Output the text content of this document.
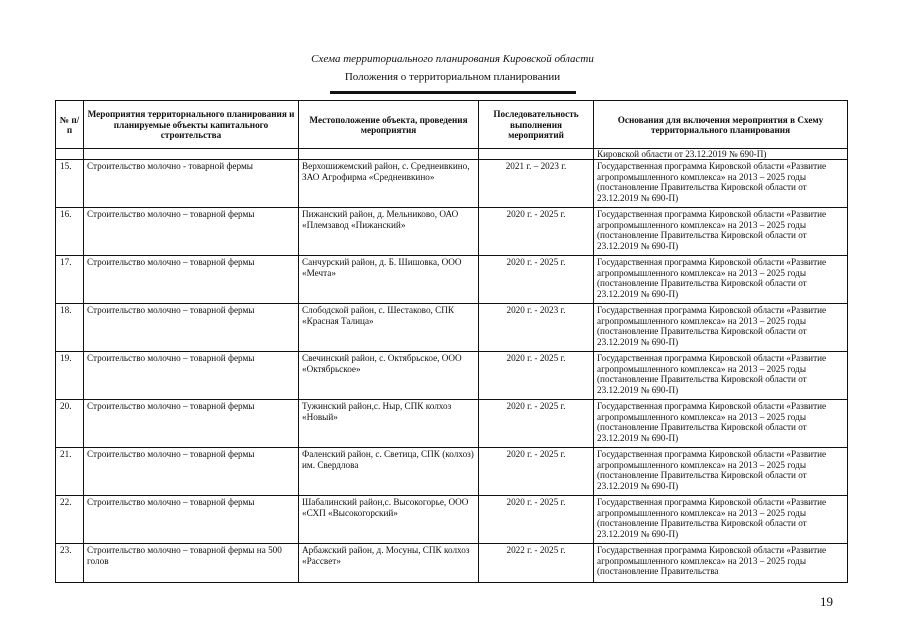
Схема территориального планирования Кировской области
Положения о территориальном планировании
№ п/п	Мероприятия территориального планирования и планируемые объекты капитального строительства	Местоположение объекта, проведения мероприятия	Последовательность выполнения мероприятий	Основания для включения мероприятия в Схему территориального планирования
				Кировской области от 23.12.2019 № 690-П)
15.	Строительство молочно - товарной фермы	Верхошижемский район, с. Среднеивкино, ЗАО Агрофирма «Среднеивкино»	2021 г. – 2023 г.	Государственная программа Кировской области «Развитие агропромышленного комплекса» на 2013 – 2025 годы (постановление Правительства Кировской области от 23.12.2019 № 690-П)
16.	Строительство молочно – товарной фермы	Пижанский район, д. Мельниково, ОАО «Племзавод «Пижанский»	2020 г. - 2025 г.	Государственная программа Кировской области «Развитие агропромышленного комплекса» на 2013 – 2025 годы (постановление Правительства Кировской области от 23.12.2019 № 690-П)
17.	Строительство молочно – товарной фермы	Санчурский район, д. Б. Шишовка, ООО «Мечта»	2020 г. - 2025 г.	Государственная программа Кировской области «Развитие агропромышленного комплекса» на 2013 – 2025 годы (постановление Правительства Кировской области от 23.12.2019 № 690-П)
18.	Строительство молочно – товарной фермы	Слободской район, с. Шестаково, СПК «Красная Талица»	2020 г. - 2023 г.	Государственная программа Кировской области «Развитие агропромышленного комплекса» на 2013 – 2025 годы (постановление Правительства Кировской области от 23.12.2019 № 690-П)
19.	Строительство молочно – товарной фермы	Свечинский район, с. Октябрьское, ООО «Октябрьское»	2020 г. - 2025 г.	Государственная программа Кировской области «Развитие агропромышленного комплекса» на 2013 – 2025 годы (постановление Правительства Кировской области от 23.12.2019 № 690-П)
20.	Строительство молочно – товарной фермы	Тужинский район,с. Ныр, СПК колхоз «Новый»	2020 г. - 2025 г.	Государственная программа Кировской области «Развитие агропромышленного комплекса» на 2013 – 2025 годы (постановление Правительства Кировской области от 23.12.2019 № 690-П)
21.	Строительство молочно – товарной фермы	Фаленский район, с. Светица, СПК (колхоз) им. Свердлова	2020 г. - 2025 г.	Государственная программа Кировской области «Развитие агропромышленного комплекса» на 2013 – 2025 годы (постановление Правительства Кировской области от 23.12.2019 № 690-П)
22.	Строительство молочно – товарной фермы	Шабалинский район,с. Высокогорье, ООО «СХП «Высокогорский»	2020 г. - 2025 г.	Государственная программа Кировской области «Развитие агропромышленного комплекса» на 2013 – 2025 годы (постановление Правительства Кировской области от 23.12.2019 № 690-П)
23.	Строительство молочно – товарной фермы на 500 голов	Арбажский район, д. Мосуны, СПК колхоз «Рассвет»	2022 г. - 2025 г.	Государственная программа Кировской области «Развитие агропромышленного комплекса» на 2013 – 2025 годы (постановление Правительства
19
